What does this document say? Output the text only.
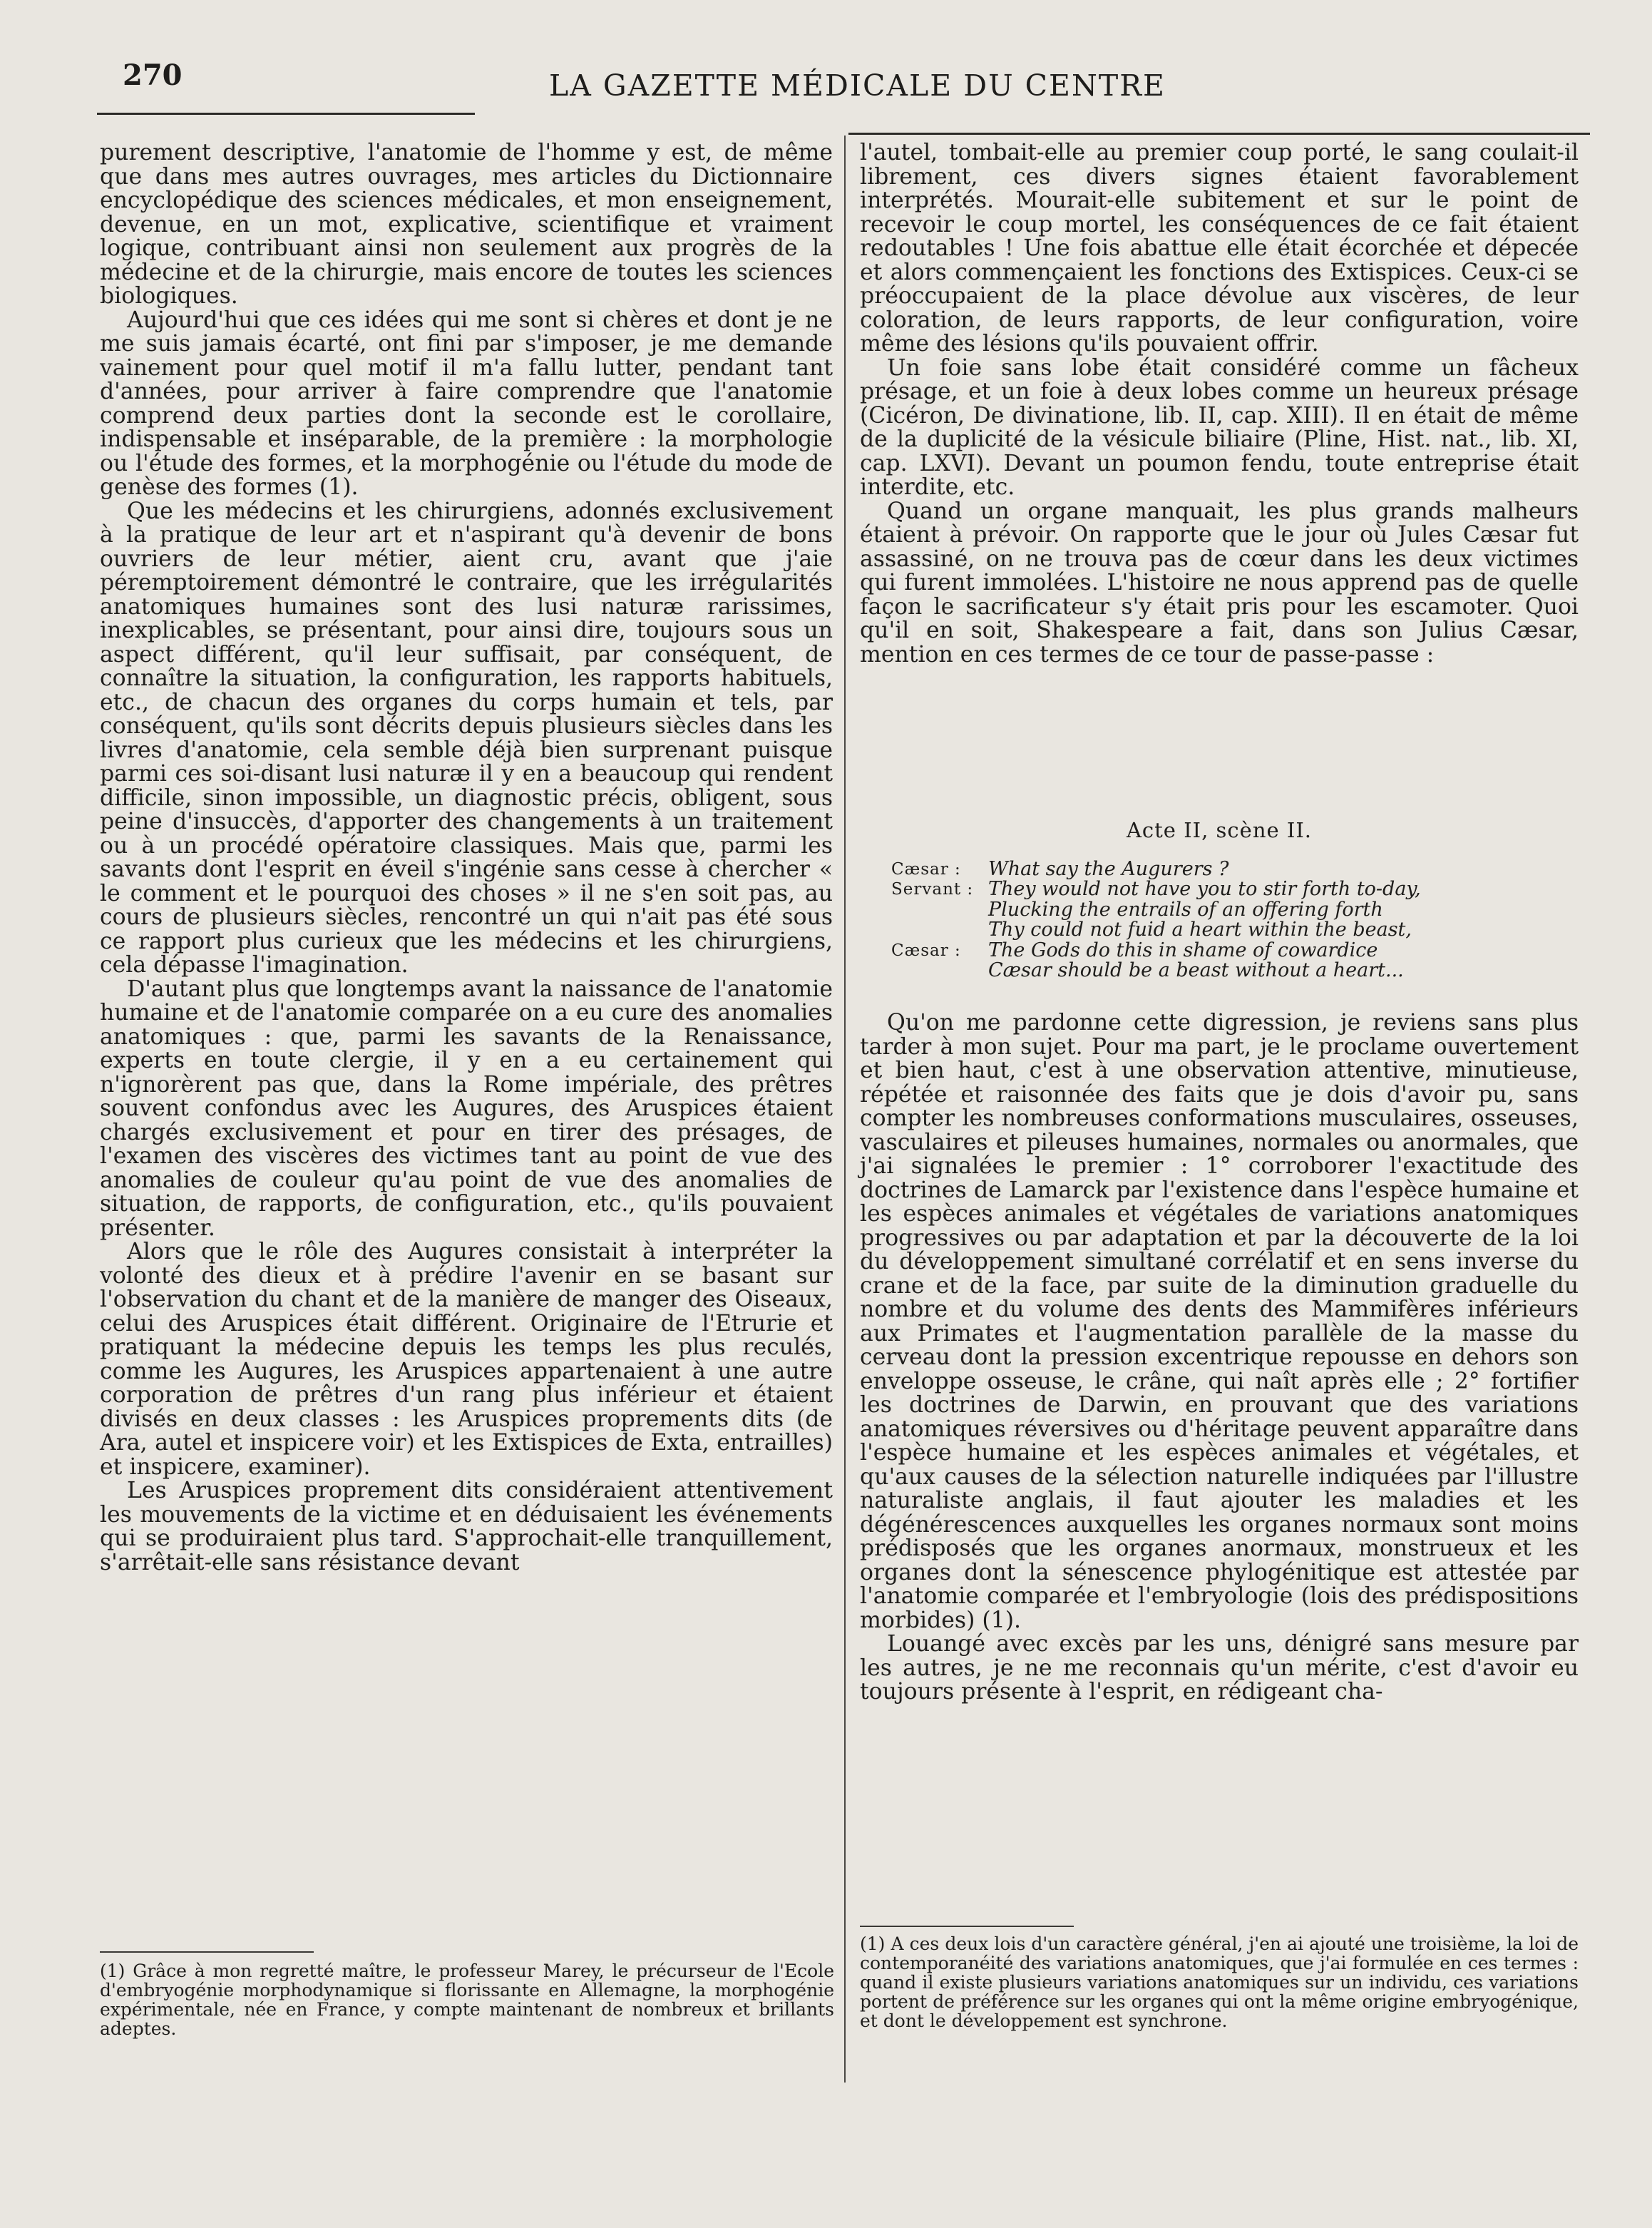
270	LA GAZETTE MÉDICALE DU CENTRE

purement descriptive, l'anatomie de l'homme y est, de même que dans mes autres ouvrages, mes articles du Dictionnaire encyclopédique des sciences médicales, et mon enseignement, devenue, en un mot, explicative, scientifique et vraiment logique, contribuant ainsi non seulement aux progrès de la médecine et de la chirurgie, mais encore de toutes les sciences biologiques.

Aujourd'hui que ces idées qui me sont si chères et dont je ne me suis jamais écarté, ont fini par s'imposer, je me demande vainement pour quel motif il m'a fallu lutter, pendant tant d'années, pour arriver à faire comprendre que l'anatomie comprend deux parties dont la seconde est le corollaire, indispensable et inséparable, de la première : la morphologie ou l'étude des formes, et la morphogénie ou l'étude du mode de genèse des formes (1).

Que les médecins et les chirurgiens, adonnés exclusivement à la pratique de leur art et n'aspirant qu'à devenir de bons ouvriers de leur métier, aient cru, avant que j'aie péremptoirement démontré le contraire, que les irrégularités anatomiques humaines sont des lusi naturæ rarissimes, inexplicables, se présentant, pour ainsi dire, toujours sous un aspect différent, qu'il leur suffisait, par conséquent, de connaître la situation, la configuration, les rapports habituels, etc., de chacun des organes du corps humain et tels, par conséquent, qu'ils sont décrits depuis plusieurs siècles dans les livres d'anatomie, cela semble déjà bien surprenant puisque parmi ces soi-disant lusi naturæ il y en a beaucoup qui rendent difficile, sinon impossible, un diagnostic précis, obligent, sous peine d'insuccès, d'apporter des changements à un traitement ou à un procédé opératoire classiques. Mais que, parmi les savants dont l'esprit en éveil s'ingénie sans cesse à chercher « le comment et le pourquoi des choses » il ne s'en soit pas, au cours de plusieurs siècles, rencontré un qui n'ait pas été sous ce rapport plus curieux que les médecins et les chirurgiens, cela dépasse l'imagination.

D'autant plus que longtemps avant la naissance de l'anatomie humaine et de l'anatomie comparée on a eu cure des anomalies anatomiques : que, parmi les savants de la Renaissance, experts en toute clergie, il y en a eu certainement qui n'ignorèrent pas que, dans la Rome impériale, des prêtres souvent confondus avec les Augures, des Aruspices étaient chargés exclusivement et pour en tirer des présages, de l'examen des viscères des victimes tant au point de vue des anomalies de couleur qu'au point de vue des anomalies de situation, de rapports, de configuration, etc., qu'ils pouvaient présenter.

Alors que le rôle des Augures consistait à interpréter la volonté des dieux et à prédire l'avenir en se basant sur l'observation du chant et de la manière de manger des Oiseaux, celui des Aruspices était différent. Originaire de l'Etrurie et pratiquant la médecine depuis les temps les plus reculés, comme les Augures, les Aruspices appartenaient à une autre corporation de prêtres d'un rang plus inférieur et étaient divisés en deux classes : les Aruspices proprements dits (de Ara, autel et inspicere voir) et les Extispices de Exta, entrailles) et inspicere, examiner).

Les Aruspices proprement dits considéraient attentivement les mouvements de la victime et en déduisaient les événements qui se produiraient plus tard. S'approchait-elle tranquillement, s'arrêtait-elle sans résistance devant

(1) Grâce à mon regretté maître, le professeur Marey, le précurseur de l'Ecole d'embryogénie morphodynamique si florissante en Allemagne, la morphogénie expérimentale, née en France, y compte maintenant de nombreux et brillants adeptes.

l'autel, tombait-elle au premier coup porté, le sang coulait-il librement, ces divers signes étaient favorablement interprétés. Mourait-elle subitement et sur le point de recevoir le coup mortel, les conséquences de ce fait étaient redoutables ! Une fois abattue elle était écorchée et dépecée et alors commençaient les fonctions des Extispices. Ceux-ci se préoccupaient de la place dévolue aux viscères, de leur coloration, de leurs rapports, de leur configuration, voire même des lésions qu'ils pouvaient offrir.

Un foie sans lobe était considéré comme un fâcheux présage, et un foie à deux lobes comme un heureux présage (Cicéron, De divinatione, lib. II, cap. XIII). Il en était de même de la duplicité de la vésicule biliaire (Pline, Hist. nat., lib. XI, cap. LXVI). Devant un poumon fendu, toute entreprise était interdite, etc.

Quand un organe manquait, les plus grands malheurs étaient à prévoir. On rapporte que le jour où Jules Cæsar fut assassiné, on ne trouva pas de cœur dans les deux victimes qui furent immolées. L'histoire ne nous apprend pas de quelle façon le sacrificateur s'y était pris pour les escamoter. Quoi qu'il en soit, Shakespeare a fait, dans son Julius Cæsar, mention en ces termes de ce tour de passe-passe :

Acte II, scène II.
Cæsar :	What say the Augurers ?
Servant : They would not have you to stir forth to-day,
Plucking the entrails of an offering forth
Thy could not fuid a heart within the beast,
Cæsar :	The Gods do this in shame of cowardice
Cæsar should be a beast without a heart...

Qu'on me pardonne cette digression, je reviens sans plus tarder à mon sujet. Pour ma part, je le proclame ouvertement et bien haut, c'est à une observation attentive, minutieuse, répétée et raisonnée des faits que je dois d'avoir pu, sans compter les nombreuses conformations musculaires, osseuses, vasculaires et pileuses humaines, normales ou anormales, que j'ai signalées le premier : 1° corroborer l'exactitude des doctrines de Lamarck par l'existence dans l'espèce humaine et les espèces animales et végétales de variations anatomiques progressives ou par adaptation et par la découverte de la loi du développement simultané corrélatif et en sens inverse du crane et de la face, par suite de la diminution graduelle du nombre et du volume des dents des Mammifères inférieurs aux Primates et l'augmentation parallèle de la masse du cerveau dont la pression excentrique repousse en dehors son enveloppe osseuse, le crâne, qui naît après elle ; 2° fortifier les doctrines de Darwin, en prouvant que des variations anatomiques réversives ou d'héritage peuvent apparaître dans l'espèce humaine et les espèces animales et végétales, et qu'aux causes de la sélection naturelle indiquées par l'illustre naturaliste anglais, il faut ajouter les maladies et les dégénérescences auxquelles les organes normaux sont moins prédisposés que les organes anormaux, monstrueux et les organes dont la sénescence phylogénitique est attestée par l'anatomie comparée et l'embryologie (lois des prédispositions morbides) (1).

Louangé avec excès par les uns, dénigré sans mesure par les autres, je ne me reconnais qu'un mérite, c'est d'avoir eu toujours présente à l'esprit, en rédigeant cha-

(1) A ces deux lois d'un caractère général, j'en ai ajouté une troisième, la loi de contemporanéité des variations anatomiques, que j'ai formulée en ces termes : quand il existe plusieurs variations anatomiques sur un individu, ces variations portent de préférence sur les organes qui ont la même origine embryogénique, et dont le développement est synchrone.
